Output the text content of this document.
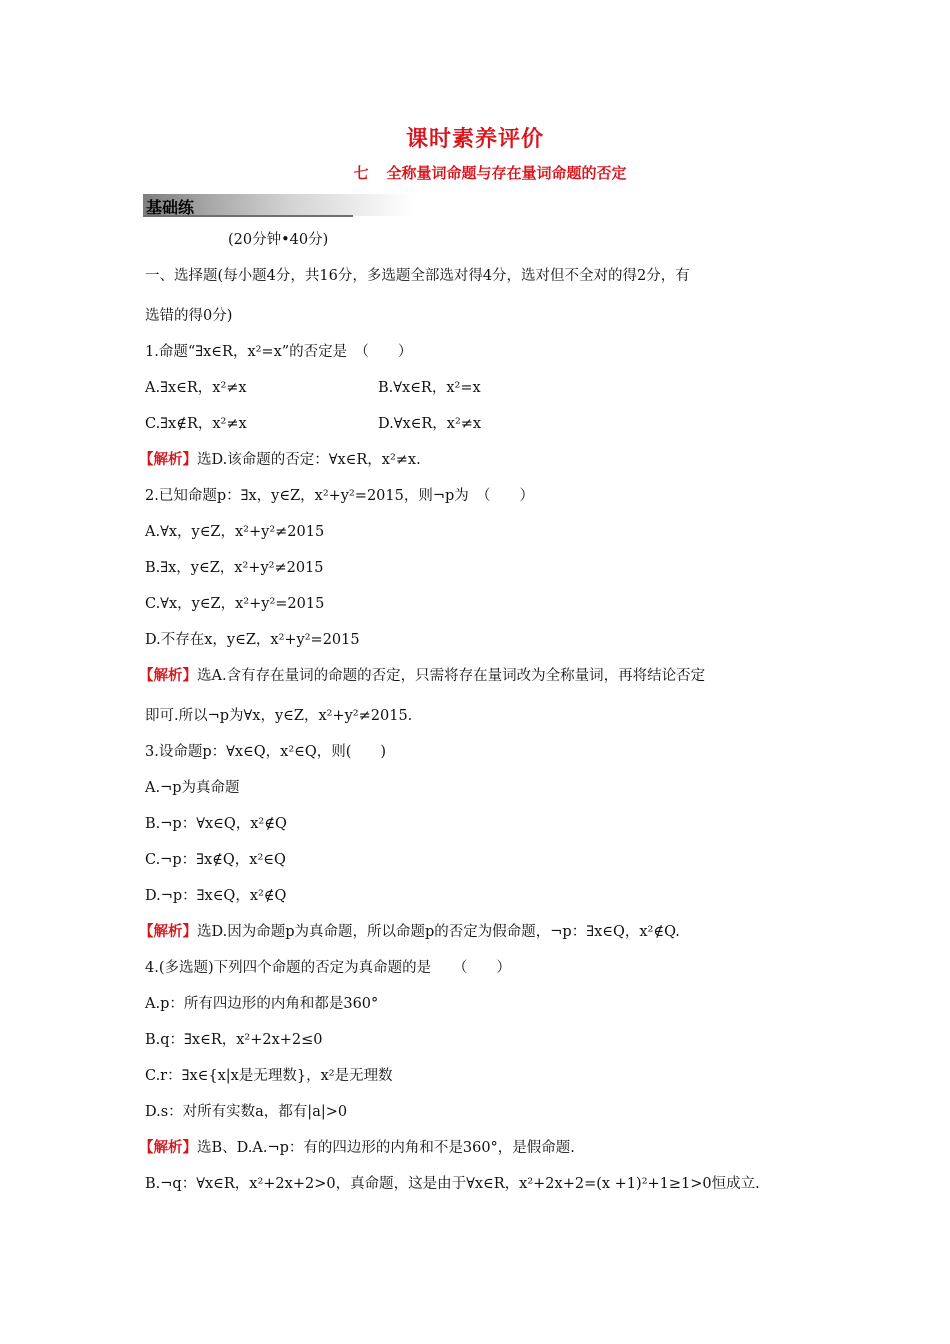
课时素养评价
七 全称量词命题与存在量词命题的否定
基础练
(20分钟•40分)
一、选择题(每小题4分，共16分，多选题全部选对得4分，选对但不全对的得2分，有
选错的得0分)
1.命题“∃x∈R，x²=x”的否定是　（　　）
A.∃x∈R，x²≠x	B.∀x∈R，x²=x
C.∃x∉R，x²≠x	D.∀x∈R，x²≠x
【解析】选D.该命题的否定：∀x∈R，x²≠x.
2.已知命题p：∃x，y∈Z，x²+y²=2015，则¬p为　（　　）
A.∀x，y∈Z，x²+y²≠2015
B.∃x，y∈Z，x²+y²≠2015
C.∀x，y∈Z，x²+y²=2015
D.不存在x，y∈Z，x²+y²=2015
【解析】选A.含有存在量词的命题的否定，只需将存在量词改为全称量词，再将结论否定
即可.所以¬p为∀x，y∈Z，x²+y²≠2015.
3.设命题p：∀x∈Q，x²∈Q，则(　　)
A.¬p为真命题
B.¬p：∀x∈Q，x²∉Q
C.¬p：∃x∉Q，x²∈Q
D.¬p：∃x∈Q，x²∉Q
【解析】选D.因为命题p为真命题，所以命题p的否定为假命题，¬p：∃x∈Q，x²∉Q.
4.(多选题)下列四个命题的否定为真命题的是　　（　　）
A.p：所有四边形的内角和都是360°
B.q：∃x∈R，x²+2x+2≤0
C.r：∃x∈{x|x是无理数}，x²是无理数
D.s：对所有实数a，都有|a|>0
【解析】选B、D.A.¬p：有的四边形的内角和不是360°，是假命题.
B.¬q：∀x∈R，x²+2x+2>0，真命题，这是由于∀x∈R，x²+2x+2=(x +1)²+1≥1>0恒成立.
